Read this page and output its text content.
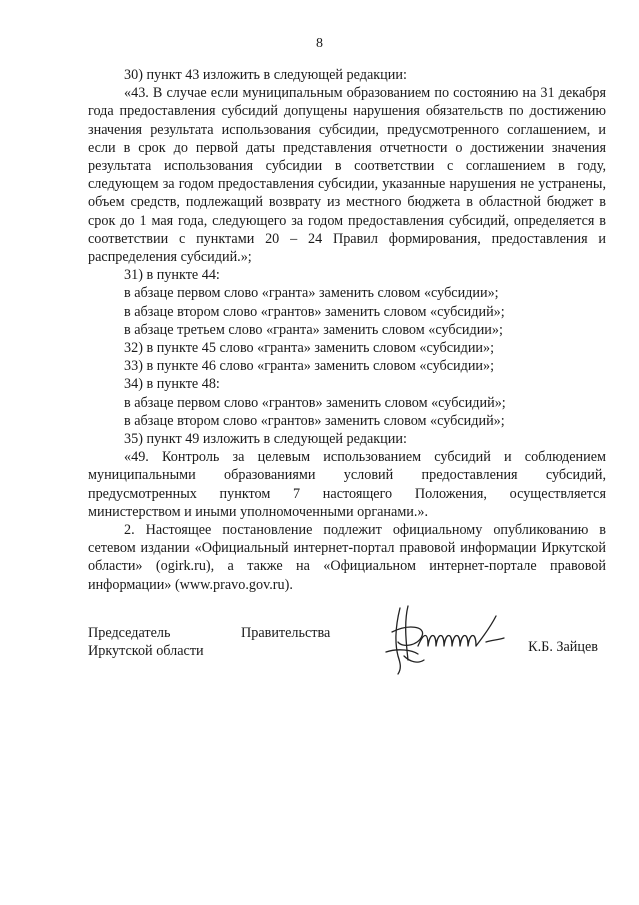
8

30) пункт 43 изложить в следующей редакции:

«43. В случае если муниципальным образованием по состоянию на 31 декабря года предоставления субсидий допущены нарушения обязательств по достижению значения результата использования субсидии, предусмотренного соглашением, и если в срок до первой даты представления отчетности о достижении значения результата использования субсидии в соответствии с соглашением в году, следующем за годом предоставления субсидии, указанные нарушения не устранены, объем средств, подлежащий возврату из местного бюджета в областной бюджет в срок до 1 мая года, следующего за годом предоставления субсидий, определяется в соответствии с пунктами 20 – 24 Правил формирования, предоставления и распределения субсидий.»;

31) в пункте 44:

в абзаце первом слово «гранта» заменить словом «субсидии»;

в абзаце втором слово «грантов» заменить словом «субсидий»;

в абзаце третьем слово «гранта» заменить словом «субсидии»;

32) в пункте 45 слово «гранта» заменить словом «субсидии»;

33) в пункте 46 слово «гранта» заменить словом «субсидии»;

34) в пункте 48:

в абзаце первом слово «грантов» заменить словом «субсидий»;

в абзаце втором слово «грантов» заменить словом «субсидий»;

35) пункт 49 изложить в следующей редакции:

«49. Контроль за целевым использованием субсидий и соблюдением муниципальными образованиями условий предоставления субсидий, предусмотренных пунктом 7 настоящего Положения, осуществляется министерством и иными уполномоченными органами.».

2. Настоящее постановление подлежит официальному опубликованию в сетевом издании «Официальный интернет-портал правовой информации Иркутской области» (ogirk.ru), а также на «Официальном интернет-портале правовой информации» (www.pravo.gov.ru).

Председатель	Правительства
Иркутской области	К.Б. Зайцев
